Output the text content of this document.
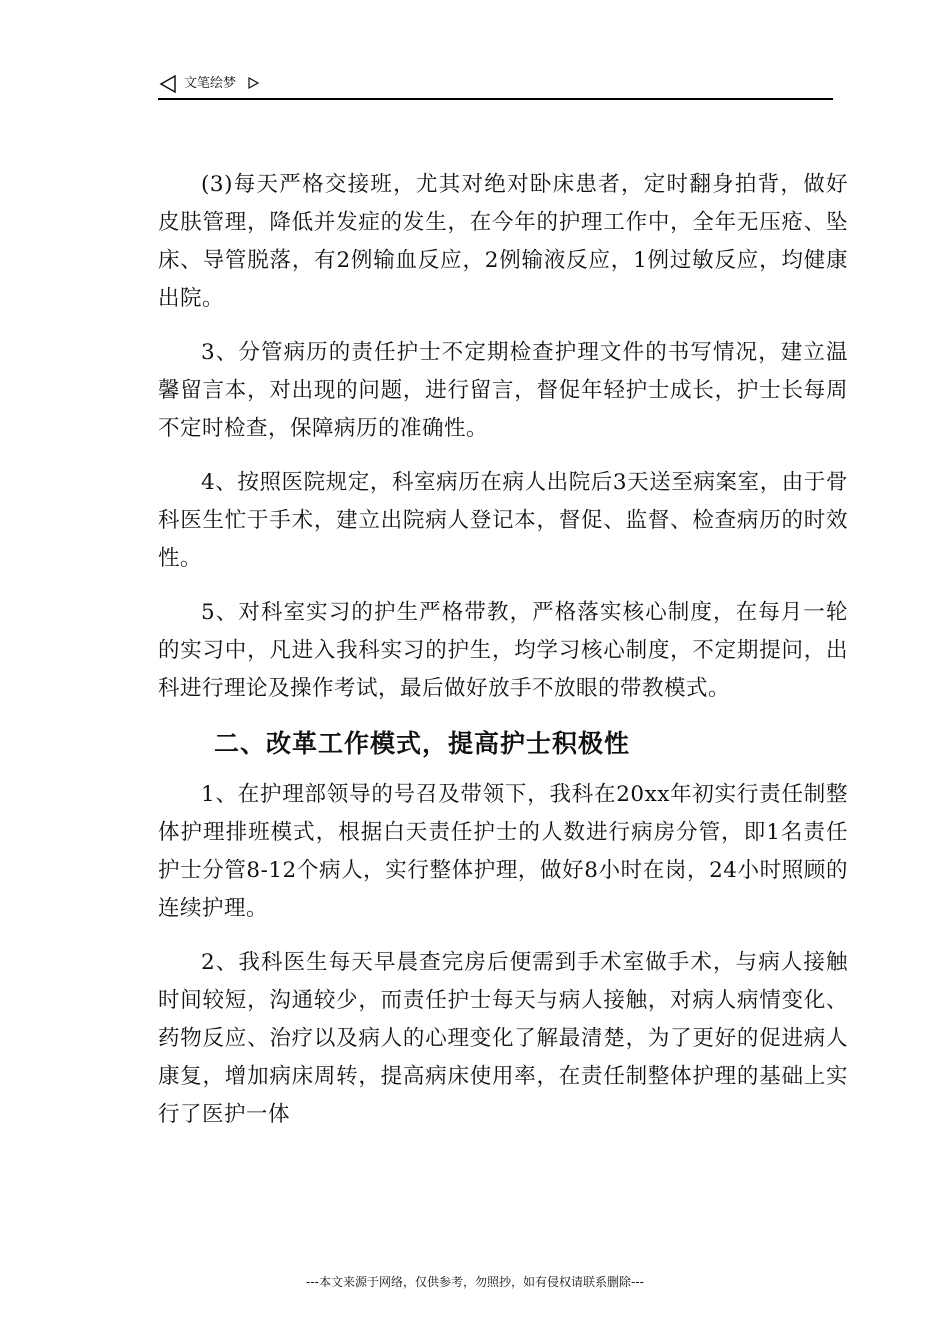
文笔绘梦

(3)每天严格交接班，尤其对绝对卧床患者，定时翻身拍背，做好皮肤管理，降低并发症的发生，在今年的护理工作中，全年无压疮、坠床、导管脱落，有2例输血反应，2例输液反应，1例过敏反应，均健康出院。

3、分管病历的责任护士不定期检查护理文件的书写情况，建立温馨留言本，对出现的问题，进行留言，督促年轻护士成长，护士长每周不定时检查，保障病历的准确性。

4、按照医院规定，科室病历在病人出院后3天送至病案室，由于骨科医生忙于手术，建立出院病人登记本，督促、监督、检查病历的时效性。

5、对科室实习的护生严格带教，严格落实核心制度，在每月一轮的实习中，凡进入我科实习的护生，均学习核心制度，不定期提问，出科进行理论及操作考试，最后做好放手不放眼的带教模式。

二、改革工作模式，提高护士积极性

1、在护理部领导的号召及带领下，我科在20xx年初实行责任制整体护理排班模式，根据白天责任护士的人数进行病房分管，即1名责任护士分管8-12个病人，实行整体护理，做好8小时在岗，24小时照顾的连续护理。

2、我科医生每天早晨查完房后便需到手术室做手术，与病人接触时间较短，沟通较少，而责任护士每天与病人接触，对病人病情变化、药物反应、治疗以及病人的心理变化了解最清楚，为了更好的促进病人康复，增加病床周转，提高病床使用率，在责任制整体护理的基础上实行了医护一体

---本文来源于网络，仅供参考，勿照抄，如有侵权请联系删除---
